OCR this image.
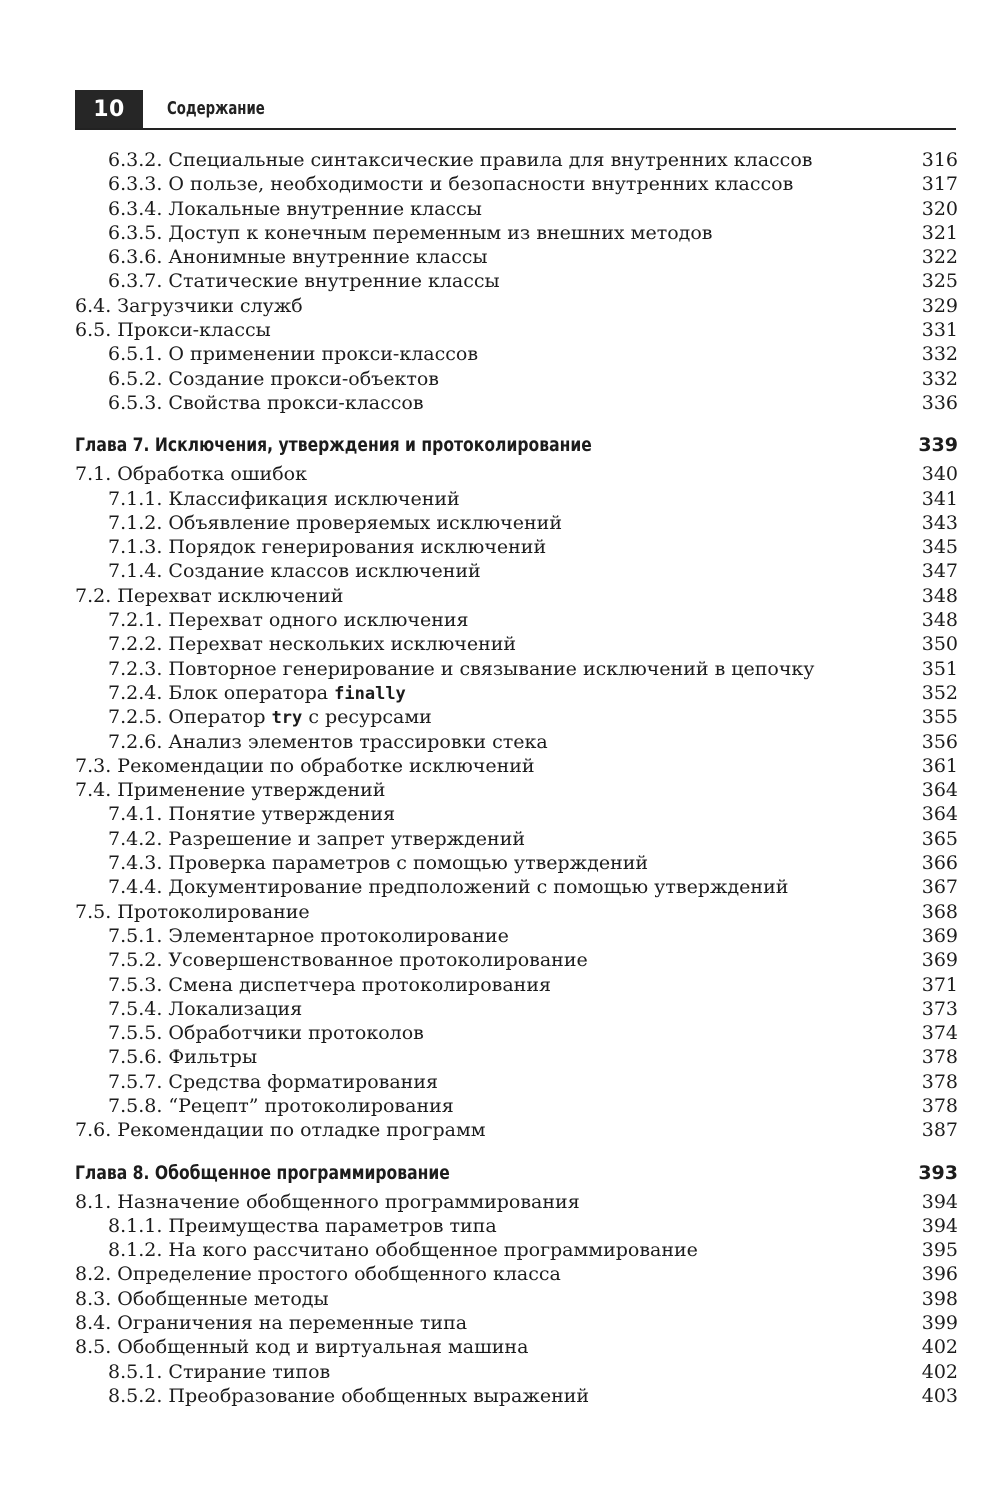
10	Содержание
6.3.2. Специальные синтаксические правила для внутренних классов	316
6.3.3. О пользе, необходимости и безопасности внутренних классов	317
6.3.4. Локальные внутренние классы	320
6.3.5. Доступ к конечным переменным из внешних методов	321
6.3.6. Анонимные внутренние классы	322
6.3.7. Статические внутренние классы	325
6.4. Загрузчики служб	329
6.5. Прокси-классы	331
6.5.1. О применении прокси-классов	332
6.5.2. Создание прокси-объектов	332
6.5.3. Свойства прокси-классов	336
Глава 7. Исключения, утверждения и протоколирование	339
7.1. Обработка ошибок	340
7.1.1. Классификация исключений	341
7.1.2. Объявление проверяемых исключений	343
7.1.3. Порядок генерирования исключений	345
7.1.4. Создание классов исключений	347
7.2. Перехват исключений	348
7.2.1. Перехват одного исключения	348
7.2.2. Перехват нескольких исключений	350
7.2.3. Повторное генерирование и связывание исключений в цепочку	351
7.2.4. Блок оператора finally	352
7.2.5. Оператор try с ресурсами	355
7.2.6. Анализ элементов трассировки стека	356
7.3. Рекомендации по обработке исключений	361
7.4. Применение утверждений	364
7.4.1. Понятие утверждения	364
7.4.2. Разрешение и запрет утверждений	365
7.4.3. Проверка параметров с помощью утверждений	366
7.4.4. Документирование предположений с помощью утверждений	367
7.5. Протоколирование	368
7.5.1. Элементарное протоколирование	369
7.5.2. Усовершенствованное протоколирование	369
7.5.3. Смена диспетчера протоколирования	371
7.5.4. Локализация	373
7.5.5. Обработчики протоколов	374
7.5.6. Фильтры	378
7.5.7. Средства форматирования	378
7.5.8. “Рецепт” протоколирования	378
7.6. Рекомендации по отладке программ	387
Глава 8. Обобщенное программирование	393
8.1. Назначение обобщенного программирования	394
8.1.1. Преимущества параметров типа	394
8.1.2. На кого рассчитано обобщенное программирование	395
8.2. Определение простого обобщенного класса	396
8.3. Обобщенные методы	398
8.4. Ограничения на переменные типа	399
8.5. Обобщенный код и виртуальная машина	402
8.5.1. Стирание типов	402
8.5.2. Преобразование обобщенных выражений	403
